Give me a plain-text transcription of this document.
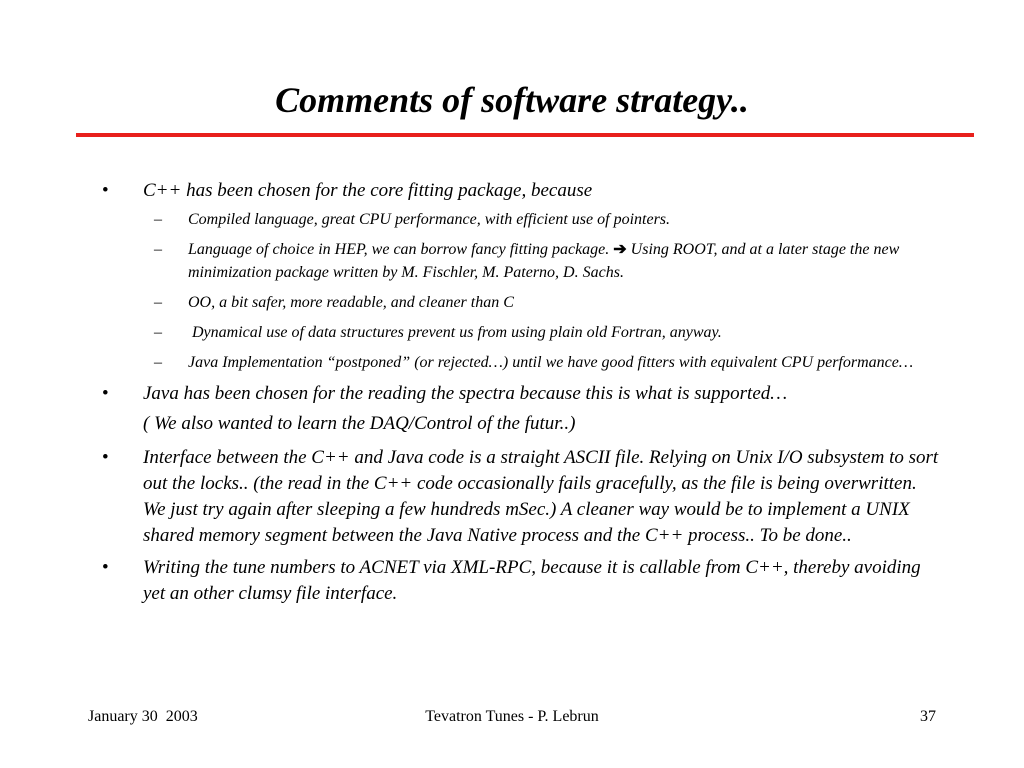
Comments of software strategy..
• C++ has been chosen for the core fitting package, because
– Compiled language, great CPU performance, with efficient use of pointers.
– Language of choice in HEP, we can borrow fancy fitting package. ➔ Using ROOT, and at a later stage the new minimization package written by M. Fischler, M. Paterno, D. Sachs.
– OO, a bit safer, more readable, and cleaner than C
– Dynamical use of data structures prevent us from using plain old Fortran, anyway.
– Java Implementation “postponed” (or rejected…) until we have good fitters with equivalent CPU performance…
• Java has been chosen for the reading the spectra because this is what is supported…
( We also wanted to learn the DAQ/Control of the futur..)
• Interface between the C++ and Java code is a straight ASCII file. Relying on Unix I/O subsystem to sort out the locks.. (the read in the C++ code occasionally fails gracefully, as the file is being overwritten. We just try again after sleeping a few hundreds mSec.) A cleaner way would be to implement a UNIX shared memory segment between the Java Native process and the C++ process.. To be done..
• Writing the tune numbers to ACNET via XML-RPC, because it is callable from C++, thereby avoiding yet an other clumsy file interface.
January 30  2003	Tevatron Tunes - P. Lebrun	37
